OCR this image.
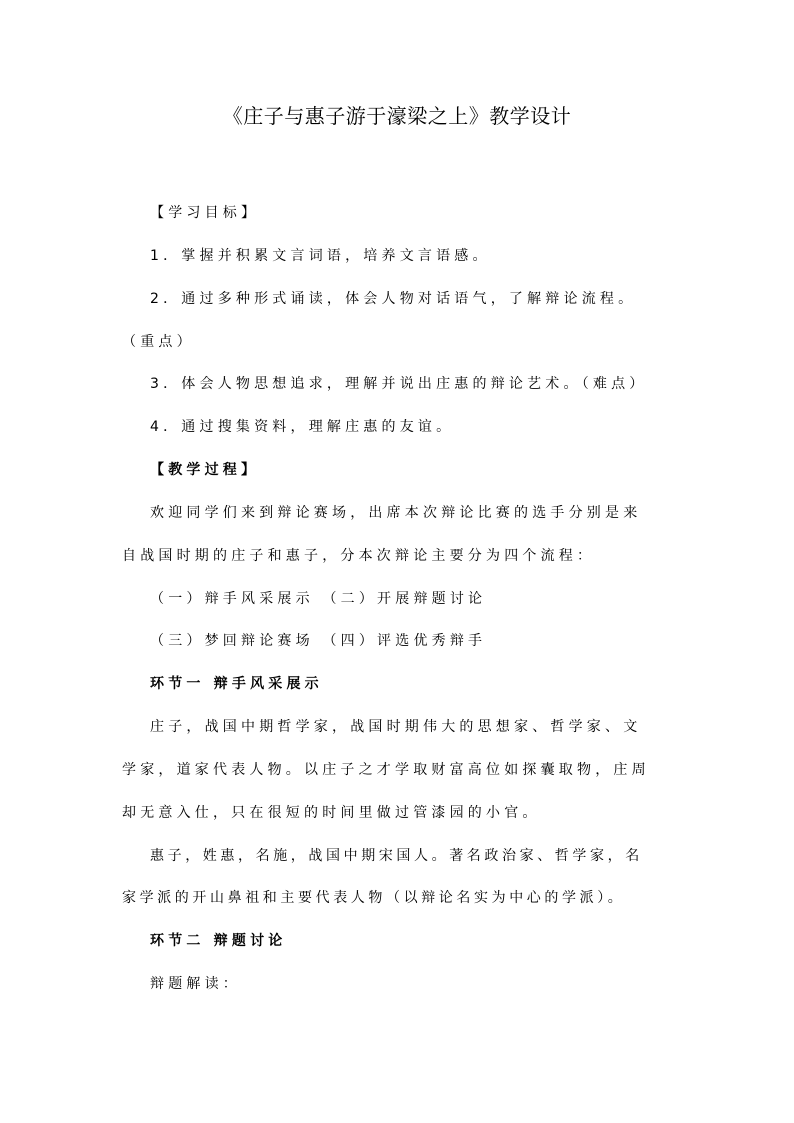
《庄子与惠子游于濠梁之上》教学设计
【学习目标】
1．掌握并积累文言词语，培养文言语感。
2．通过多种形式诵读，体会人物对话语气，了解辩论流程。
（重点）
3．体会人物思想追求，理解并说出庄惠的辩论艺术。（难点）
4．通过搜集资料，理解庄惠的友谊。
【教学过程】
欢迎同学们来到辩论赛场，出席本次辩论比赛的选手分别是来
自战国时期的庄子和惠子，分本次辩论主要分为四个流程：
（一）辩手风采展示 （二）开展辩题讨论
（三）梦回辩论赛场 （四）评选优秀辩手
环节一 辩手风采展示
庄子，战国中期哲学家，战国时期伟大的思想家、哲学家、文
学家，道家代表人物。以庄子之才学取财富高位如探囊取物，庄周
却无意入仕，只在很短的时间里做过管漆园的小官。
惠子，姓惠，名施，战国中期宋国人。著名政治家、哲学家，名
家学派的开山鼻祖和主要代表人物（以辩论名实为中心的学派）。
环节二 辩题讨论
辩题解读：
